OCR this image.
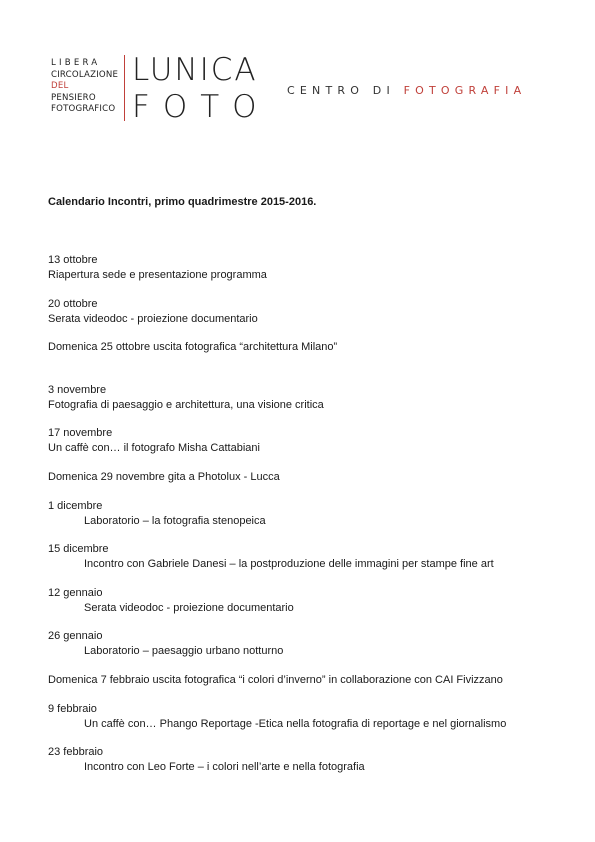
LIBERA
CIRCOLAZIONE
DEL
PENSIERO
FOTOGRAFICO
LUNICA
FOTO CENTRO DI FOTOGRAFIA
Calendario Incontri, primo quadrimestre 2015-2016.
13 ottobre
Riapertura sede e presentazione programma
20 ottobre
Serata videodoc - proiezione documentario
Domenica 25 ottobre uscita fotografica “architettura Milano”
3 novembre
Fotografia di paesaggio e architettura, una visione critica
17 novembre
Un caffè con… il fotografo Misha Cattabiani
Domenica 29 novembre gita a Photolux - Lucca
1 dicembre
Laboratorio – la fotografia stenopeica
15 dicembre
Incontro con Gabriele Danesi – la postproduzione delle immagini per stampe fine art
12 gennaio
Serata videodoc - proiezione documentario
26 gennaio
Laboratorio – paesaggio urbano notturno
Domenica 7 febbraio uscita fotografica “i colori d’inverno” in collaborazione con CAI Fivizzano
9 febbraio
Un caffè con… Phango Reportage -Etica nella fotografia di reportage e nel giornalismo
23 febbraio
Incontro con Leo Forte – i colori nell’arte e nella fotografia
